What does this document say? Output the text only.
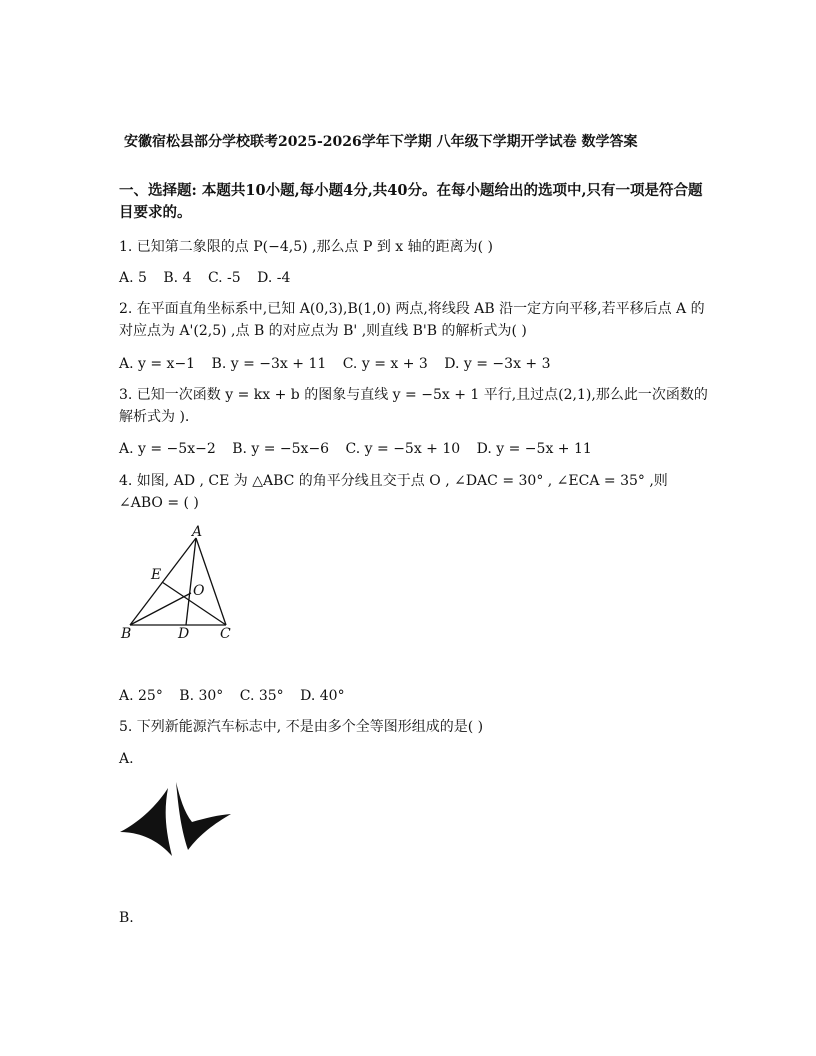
安徽宿松县部分学校联考2025-2026学年下学期 八年级下学期开学试卷 数学答案
一、选择题: 本题共10小题,每小题4分,共40分。在每小题给出的选项中,只有一项是符合题目要求的。
1. 已知第二象限的点 P(−4,5) ,那么点 P 到 x 轴的距离为( )
A. 5 B. 4 C. -5 D. -4
2. 在平面直角坐标系中,已知 A(0,3),B(1,0) 两点,将线段 AB 沿一定方向平移,若平移后点 A 的对应点为 A'(2,5) ,点 B 的对应点为 B' ,则直线 B'B 的解析式为( )
A. y = x−1 B. y = −3x + 11 C. y = x + 3 D. y = −3x + 3
3. 已知一次函数 y = kx + b 的图象与直线 y = −5x + 1 平行,且过点(2,1),那么此一次函数的解析式为 ).
A. y = −5x−2 B. y = −5x−6 C. y = −5x + 10 D. y = −5x + 11
4. 如图, AD , CE 为 △ABC 的角平分线且交于点 O , ∠DAC = 30° , ∠ECA = 35° ,则 ∠ABO = ( )
A
B	C
D
E
O
A. 25° B. 30° C. 35° D. 40°
5. 下列新能源汽车标志中, 不是由多个全等图形组成的是( )
A.
B.
